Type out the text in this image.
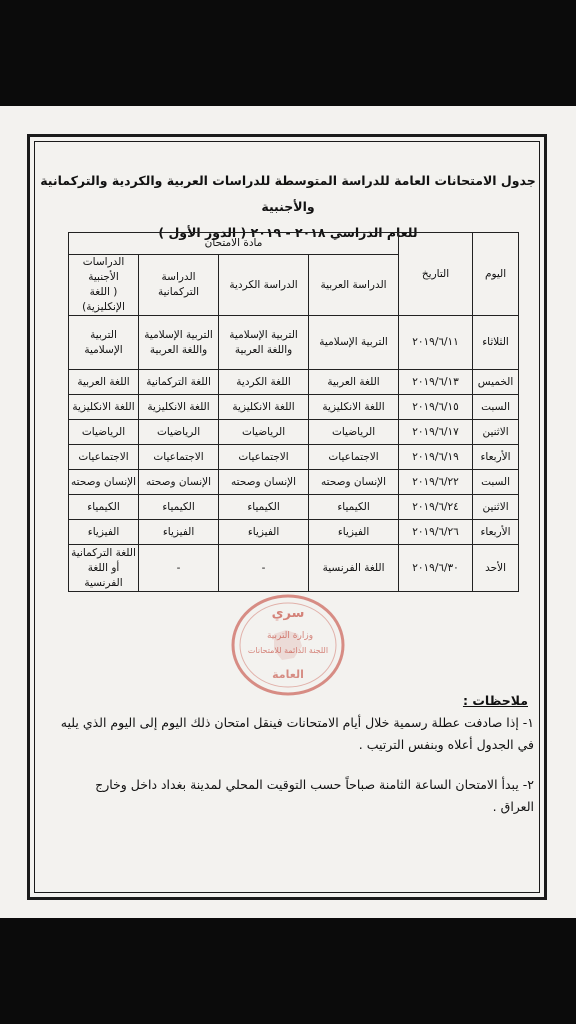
جدول الامتحانات العامة للدراسة المتوسطة للدراسات العربية والكردية والتركمانية والأجنبية
للعام الدراسي ٢٠١٨ - ٢٠١٩ ( الدور الأول )
اليوم	التاريخ	مادة الامتحان			
		الدراسة العربية	الدراسة الكردية	الدراسة التركمانية	الدراسات الأجنبية
( اللغة الإنكليزية)

الثلاثاء	٢٠١٩/٦/١١	التربية الإسلامية	التربية الإسلامية واللغة العربية	التربية الإسلامية واللغة العربية	التربية الإسلامية
الخميس	٢٠١٩/٦/١٣	اللغة العربية	اللغة الكردية	اللغة التركمانية	اللغة العربية
السبت	٢٠١٩/٦/١٥	اللغة الانكليزية	اللغة الانكليزية	اللغة الانكليزية	اللغة الانكليزية
الاثنين	٢٠١٩/٦/١٧	الرياضيات	الرياضيات	الرياضيات	الرياضيات
الأربعاء	٢٠١٩/٦/١٩	الاجتماعيات	الاجتماعيات	الاجتماعيات	الاجتماعيات
السبت	٢٠١٩/٦/٢٢	الإنسان وصحته	الإنسان وصحته	الإنسان وصحته	الإنسان وصحته
الاثنين	٢٠١٩/٦/٢٤	الكيمياء	الكيمياء	الكيمياء	الكيمياء
الأربعاء	٢٠١٩/٦/٢٦	الفيزياء	الفيزياء	الفيزياء	الفيزياء
الأحد	٢٠١٩/٦/٣٠	اللغة الفرنسية	-	-	اللغة التركمانية أو اللغة الفرنسية
سري
وزارة التربية
اللجنة الدائمة للامتحانات
العامة
ملاحظات :
١- إذا صادفت عطلة رسمية خلال أيام الامتحانات فينقل امتحان ذلك اليوم إلى اليوم الذي يليه في الجدول أعلاه وبنفس الترتيب .
٢- يبدأ الامتحان الساعة الثامنة صباحاً حسب التوقيت المحلي لمدينة بغداد داخل وخارج العراق .
